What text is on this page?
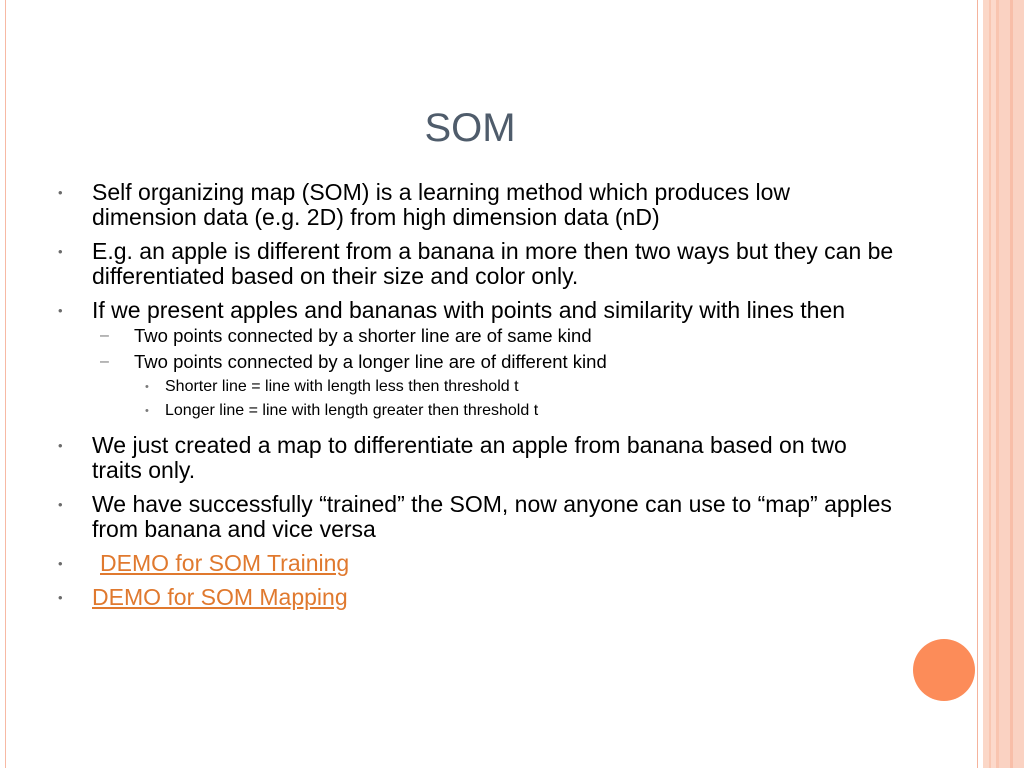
SOM
• Self organizing map (SOM) is a learning method which produces low dimension data (e.g. 2D) from high dimension data (nD)
• E.g. an apple is different from a banana in more then two ways but they can be differentiated based on their size and color only.
• If we present apples and bananas with points and similarity with lines then
– Two points connected by a shorter line are of same kind
– Two points connected by a longer line are of different kind
• Shorter line = line with length less then threshold t
• Longer line = line with length greater then threshold t
• We just created a map to differentiate an apple from banana based on two traits only.
• We have successfully “trained” the SOM, now anyone can use to “map” apples from banana and vice versa
• DEMO for SOM Training
• DEMO for SOM Mapping
